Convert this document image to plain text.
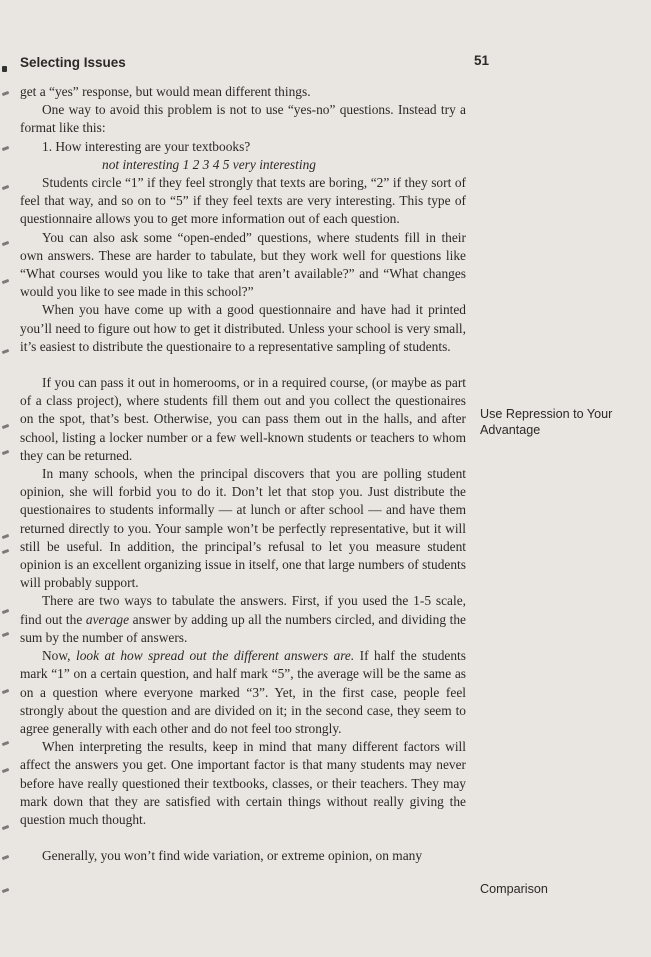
Selecting Issues	51

get a “yes” response, but would mean different things.

One way to avoid this problem is not to use “yes-no” questions. Instead try a format like this:

1. How interesting are your textbooks?

not interesting 1 2 3 4 5 very interesting

Students circle “1” if they feel strongly that texts are boring, “2” if they sort of feel that way, and so on to “5” if they feel texts are very interesting. This type of questionnaire allows you to get more information out of each question.

You can also ask some “open-ended” questions, where students fill in their own answers. These are harder to tabulate, but they work well for questions like “What courses would you like to take that aren’t available?” and “What changes would you like to see made in this school?”

When you have come up with a good questionnaire and have had it printed you’ll need to figure out how to get it distributed. Unless your school is very small, it’s easiest to distribute the questionaire to a representative sampling of students.

If you can pass it out in homerooms, or in a required course, (or maybe as part of a class project), where students fill them out and you collect the questionaires on the spot, that’s best. Otherwise, you can pass them out in the halls, and after school, listing a locker number or a few well-known students or teachers to whom they can be returned.

In many schools, when the principal discovers that you are polling student opinion, she will forbid you to do it. Don’t let that stop you. Just distribute the questionaires to students informally — at lunch or after school — and have them returned directly to you. Your sample won’t be perfectly representative, but it will still be useful. In addition, the principal’s refusal to let you measure student opinion is an excellent organizing issue in itself, one that large numbers of students will probably support.

There are two ways to tabulate the answers. First, if you used the 1-5 scale, find out the average answer by adding up all the numbers circled, and dividing the sum by the number of answers.

Now, look at how spread out the different answers are. If half the students mark “1” on a certain question, and half mark “5”, the average will be the same as on a question where everyone marked “3”. Yet, in the first case, people feel strongly about the question and are divided on it; in the second case, they seem to agree generally with each other and do not feel too strongly.

When interpreting the results, keep in mind that many different factors will affect the answers you get. One important factor is that many students may never before have really questioned their textbooks, classes, or their teachers. They may mark down that they are satisfied with certain things without really giving the question much thought.

Generally, you won’t find wide variation, or extreme opinion, on many

Use Repression to Your Advantage
Comparison
